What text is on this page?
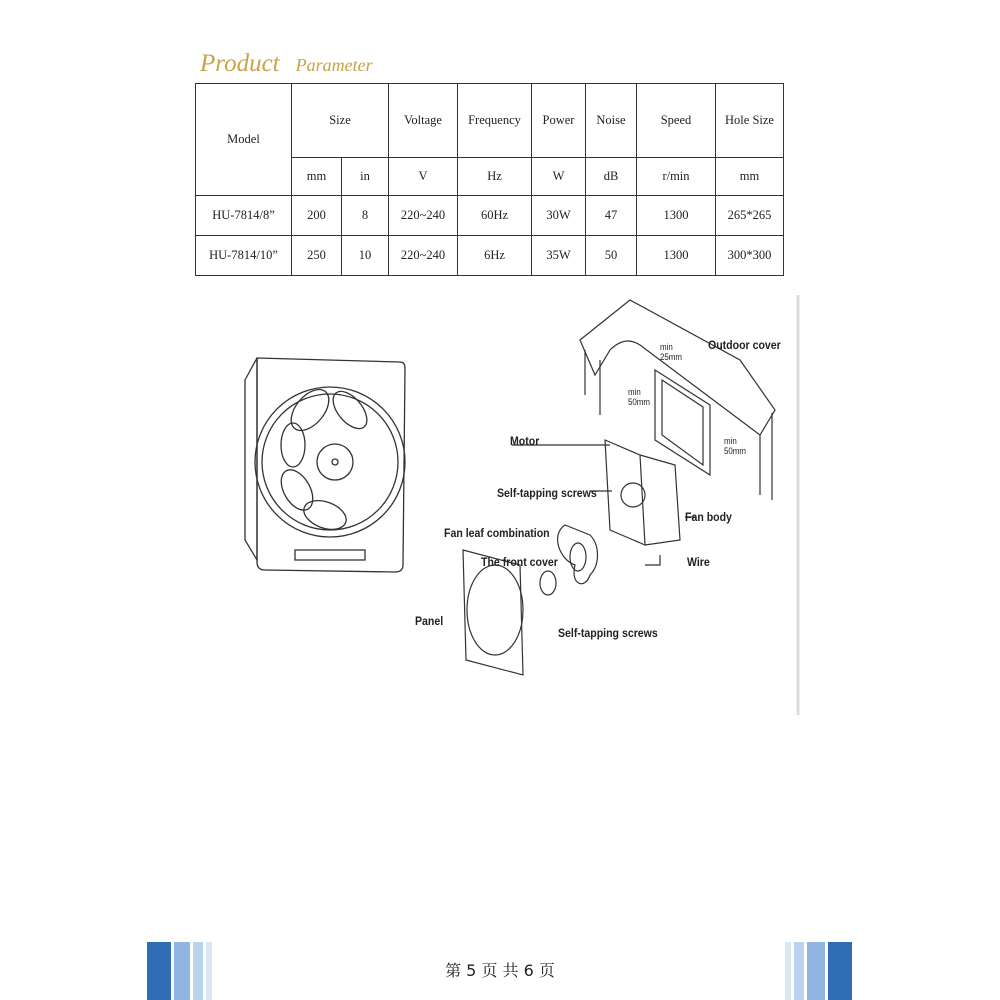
Product Parameter
Model	Size		Voltage	Frequency	Power	Noise	Speed	Hole Size
	mm	in	V	Hz	W	dB	r/min	mm
HU-7814/8”	200	8	220~240	60Hz	30W	47	1300	265*265
HU-7814/10”	250	10	220~240	6Hz	35W	50	1300	300*300
Outdoor cover
min
25mm
min
50mm
min
50mm
Motor
Self-tapping screws
Fan body
Fan leaf combination
The front cover	Wire
Panel
Self-tapping screws
第 5 页 共 6 页
